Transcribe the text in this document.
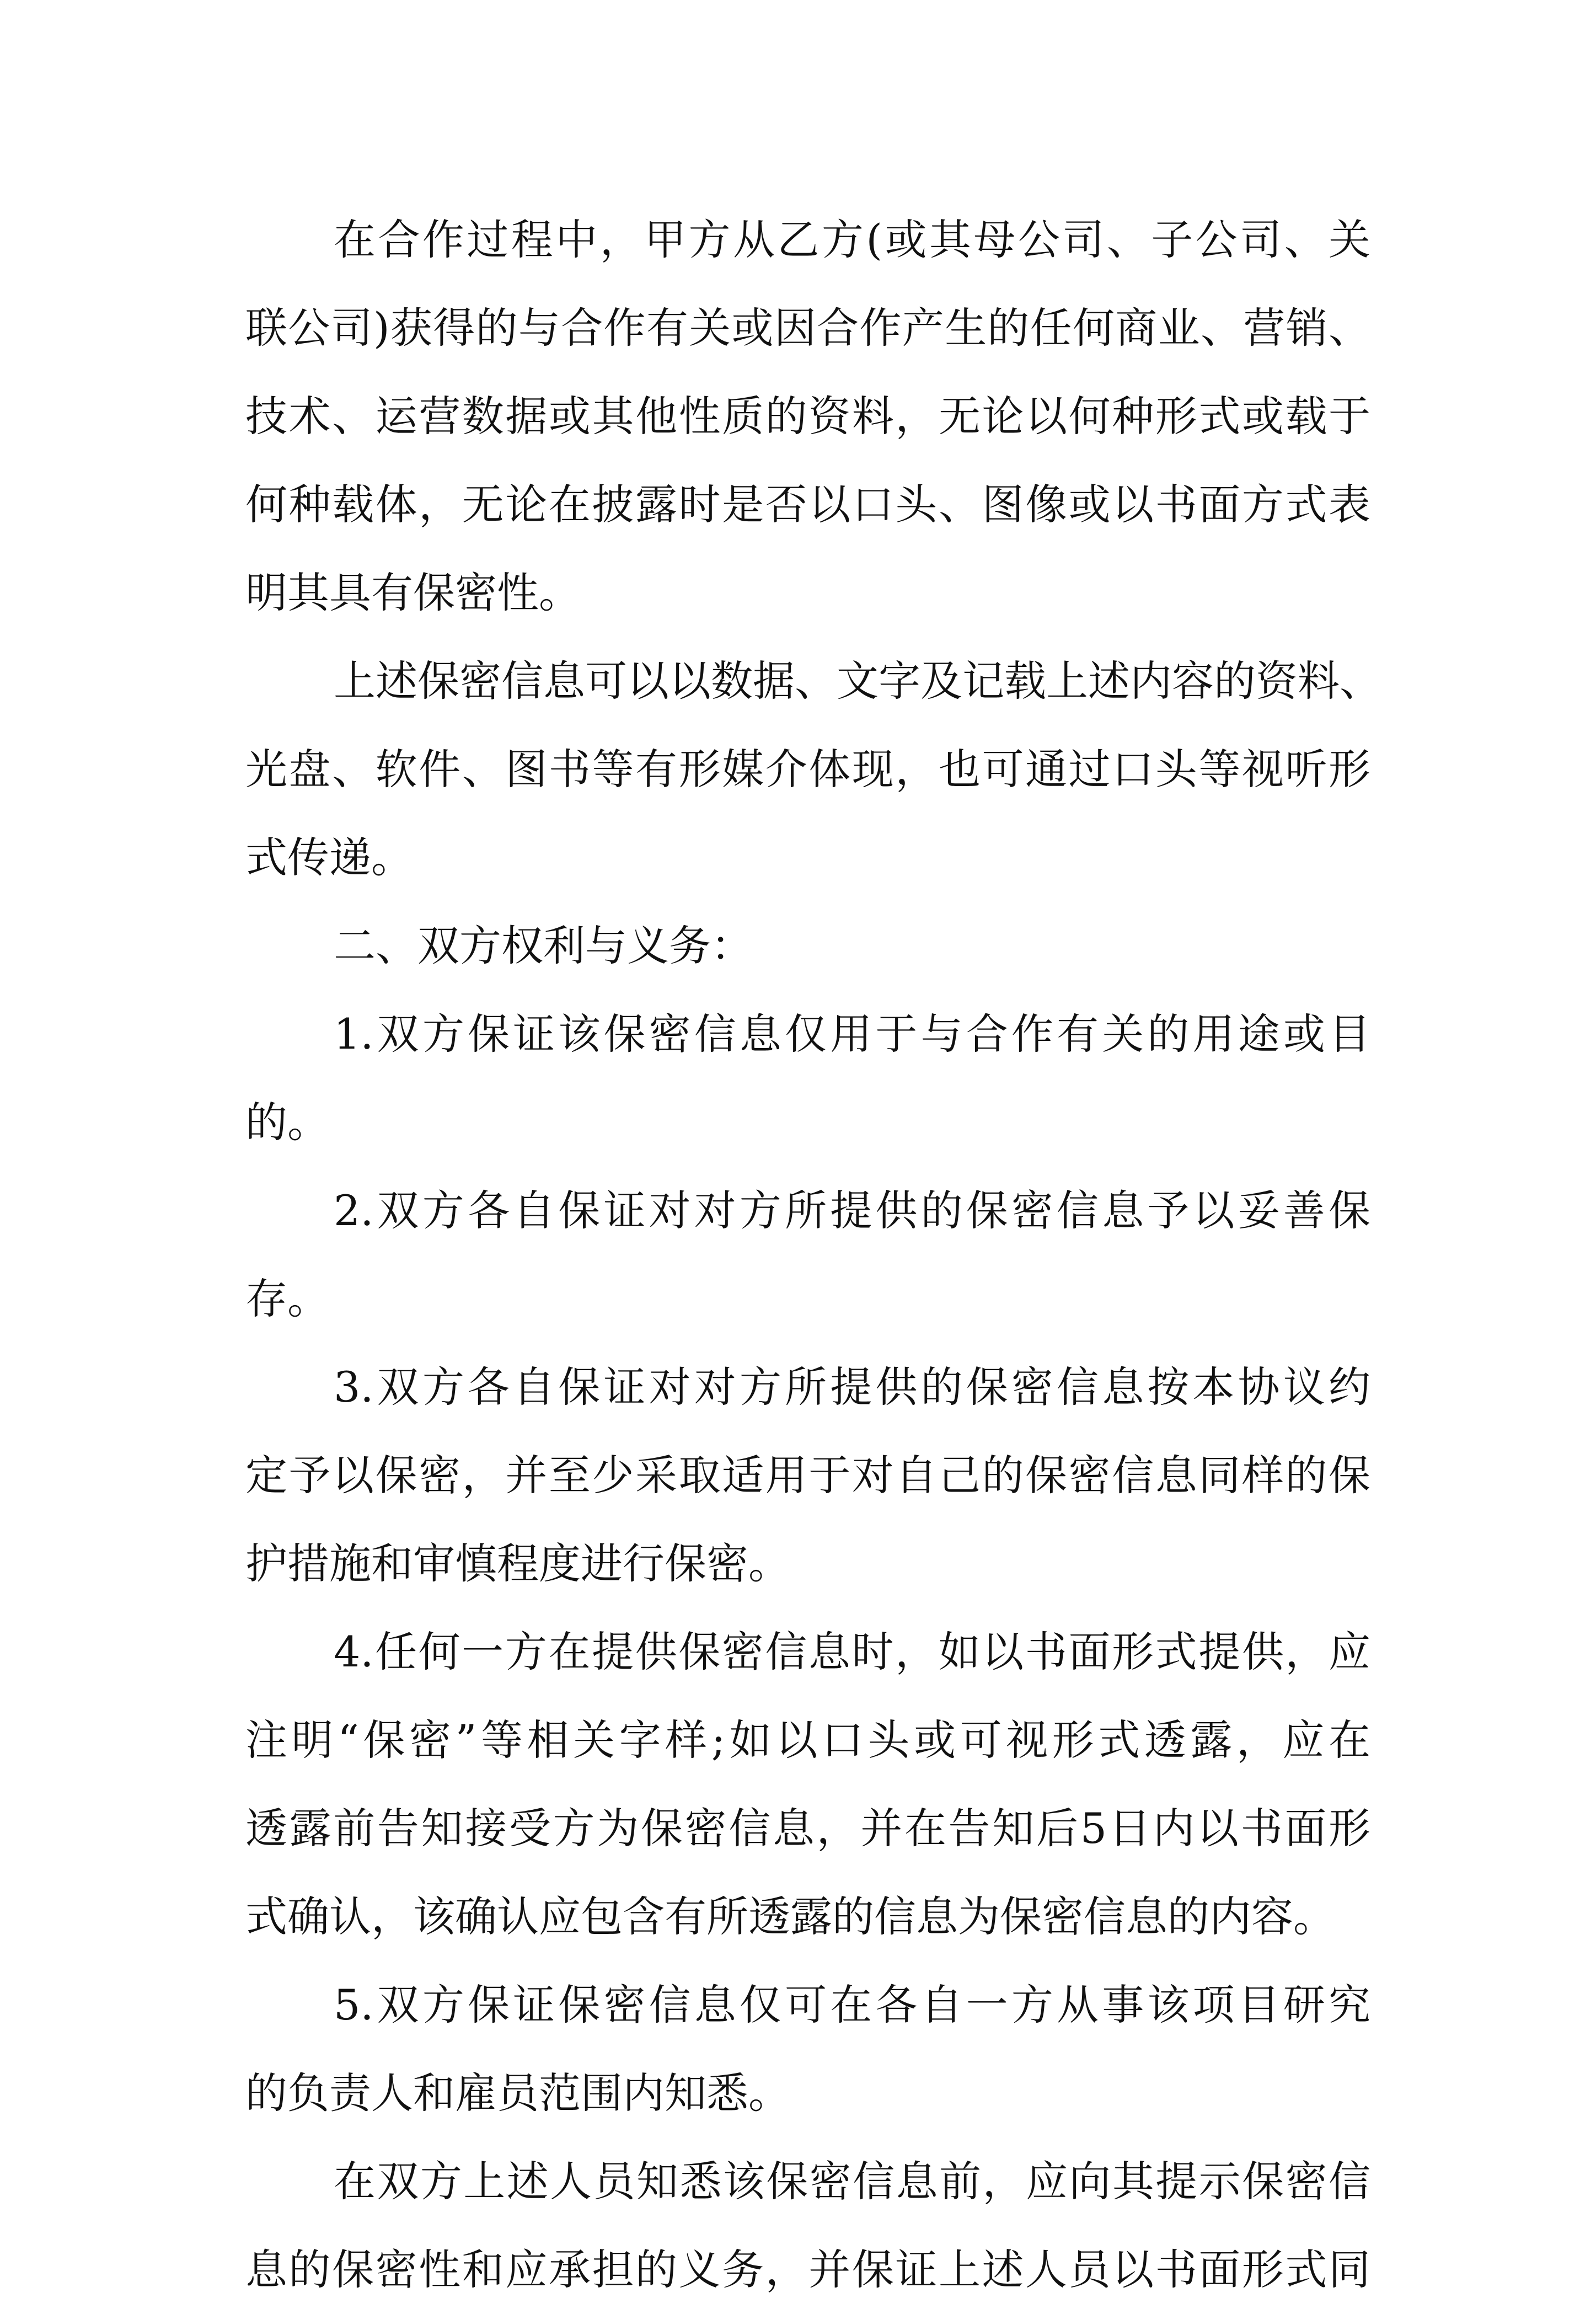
在合作过程中，甲方从乙方(或其母公司、子公司、关
联公司)获得的与合作有关或因合作产生的任何商业、营销、
技术、运营数据或其他性质的资料，无论以何种形式或载于
何种载体，无论在披露时是否以口头、图像或以书面方式表
明其具有保密性。
上述保密信息可以以数据、文字及记载上述内容的资料、
光盘、软件、图书等有形媒介体现，也可通过口头等视听形
式传递。
二、双方权利与义务：
1.双方保证该保密信息仅用于与合作有关的用途或目
的。
2.双方各自保证对对方所提供的保密信息予以妥善保
存。
3.双方各自保证对对方所提供的保密信息按本协议约
定予以保密，并至少采取适用于对自己的保密信息同样的保
护措施和审慎程度进行保密。
4.任何一方在提供保密信息时，如以书面形式提供，应
注明“保密”等相关字样;如以口头或可视形式透露，应在
透露前告知接受方为保密信息，并在告知后5日内以书面形
式确认，该确认应包含有所透露的信息为保密信息的内容。
5.双方保证保密信息仅可在各自一方从事该项目研究
的负责人和雇员范围内知悉。
在双方上述人员知悉该保密信息前，应向其提示保密信
息的保密性和应承担的义务，并保证上述人员以书面形式同
